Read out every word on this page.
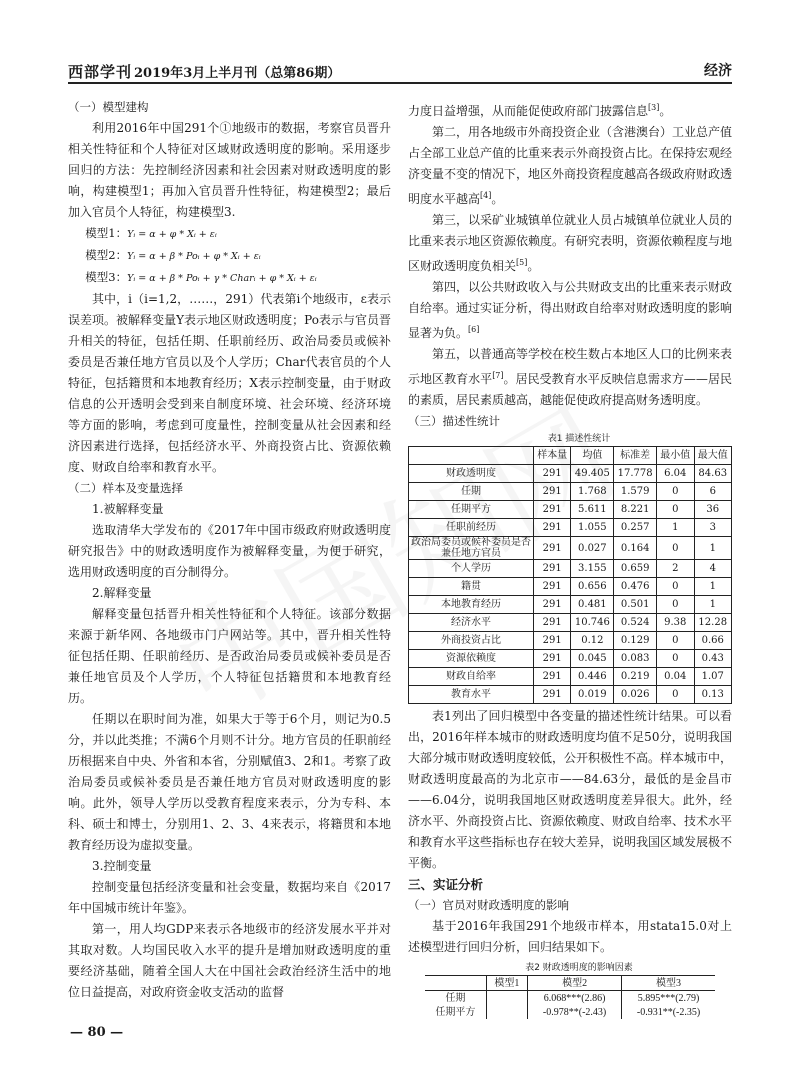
西部学刊 2019年3月上半月刊（总第86期）	经济

（一）模型建构

利用2016年中国291个①地级市的数据，考察官员晋升相关性特征和个人特征对区域财政透明度的影响。采用逐步回归的方法：先控制经济因素和社会因素对财政透明度的影响，构建模型1；再加入官员晋升性特征，构建模型2；最后加入官员个人特征，构建模型3.

模型1：Yᵢ = α + φ * Xᵢ + εᵢ

模型2：Yᵢ = α + β * Poᵢ + φ * Xᵢ + εᵢ

模型3：Yᵢ = α + β * Poᵢ + γ * Charᵢ + φ * Xᵢ + εᵢ

其中，i（i=1,2，……，291）代表第i个地级市，ε表示误差项。被解释变量Y表示地区财政透明度；Po表示与官员晋升相关的特征，包括任期、任职前经历、政治局委员或候补委员是否兼任地方官员以及个人学历；Char代表官员的个人特征，包括籍贯和本地教育经历；X表示控制变量，由于财政信息的公开透明会受到来自制度环境、社会环境、经济环境等方面的影响，考虑到可度量性，控制变量从社会因素和经济因素进行选择，包括经济水平、外商投资占比、资源依赖度、财政自给率和教育水平。

（二）样本及变量选择

1.被解释变量

选取清华大学发布的《2017年中国市级政府财政透明度研究报告》中的财政透明度作为被解释变量，为便于研究，选用财政透明度的百分制得分。

2.解释变量

解释变量包括晋升相关性特征和个人特征。该部分数据来源于新华网、各地级市门户网站等。其中，晋升相关性特征包括任期、任职前经历、是否政治局委员或候补委员是否兼任地官员及个人学历，个人特征包括籍贯和本地教育经历。

任期以在职时间为准，如果大于等于6个月，则记为0.5分，并以此类推；不满6个月则不计分。地方官员的任职前经历根据来自中央、外省和本省，分别赋值3、2和1。考察了政治局委员或候补委员是否兼任地方官员对财政透明度的影响。此外，领导人学历以受教育程度来表示，分为专科、本科、硕士和博士，分别用1、2、3、4来表示，将籍贯和本地教育经历设为虚拟变量。

3.控制变量

控制变量包括经济变量和社会变量，数据均来自《2017年中国城市统计年鉴》。

第一，用人均GDP来表示各地级市的经济发展水平并对其取对数。人均国民收入水平的提升是增加财政透明度的重要经济基础，随着全国人大在中国社会政治经济生活中的地位日益提高，对政府资金收支活动的监督

力度日益增强，从而能促使政府部门披露信息[3]。

第二，用各地级市外商投资企业（含港澳台）工业总产值占全部工业总产值的比重来表示外商投资占比。在保持宏观经济变量不变的情况下，地区外商投资程度越高各级政府财政透明度水平越高[4]。

第三，以采矿业城镇单位就业人员占城镇单位就业人员的比重来表示地区资源依赖度。有研究表明，资源依赖程度与地区财政透明度负相关[5]。

第四，以公共财政收入与公共财政支出的比重来表示财政自给率。通过实证分析，得出财政自给率对财政透明度的影响显著为负。[6]

第五，以普通高等学校在校生数占本地区人口的比例来表示地区教育水平[7]。居民受教育水平反映信息需求方——居民的素质，居民素质越高，越能促使政府提高财务透明度。

（三）描述性统计

表1 描述性统计

	样本量	均值	标准差	最小值	最大值
财政透明度	291	49.405	17.778	6.04	84.63
任期	291	1.768	1.579	0	6
任期平方	291	5.611	8.221	0	36
任职前经历	291	1.055	0.257	1	3
政治局委员或候补委员是否兼任地方官员	291	0.027	0.164	0	1
个人学历	291	3.155	0.659	2	4
籍贯	291	0.656	0.476	0	1
本地教育经历	291	0.481	0.501	0	1
经济水平	291	10.746	0.524	9.38	12.28
外商投资占比	291	0.12	0.129	0	0.66
资源依赖度	291	0.045	0.083	0	0.43
财政自给率	291	0.446	0.219	0.04	1.07
教育水平	291	0.019	0.026	0	0.13

表1列出了回归模型中各变量的描述性统计结果。可以看出，2016年样本城市的财政透明度均值不足50分，说明我国大部分城市财政透明度较低，公开积极性不高。样本城市中，财政透明度最高的为北京市——84.63分，最低的是金昌市——6.04分，说明我国地区财政透明度差异很大。此外，经济水平、外商投资占比、资源依赖度、财政自给率、技术水平和教育水平这些指标也存在较大差异，说明我国区域发展极不平衡。

三、实证分析

（一）官员对财政透明度的影响

基于2016年我国291个地级市样本，用stata15.0对上述模型进行回归分析，回归结果如下。

表2 财政透明度的影响因素

	模型1	模型2	模型3
任期		6.068***(2.86)	5.895***(2.79)
任期平方		-0.978**(-2.43)	-0.931**(-2.35)
— 80 —
